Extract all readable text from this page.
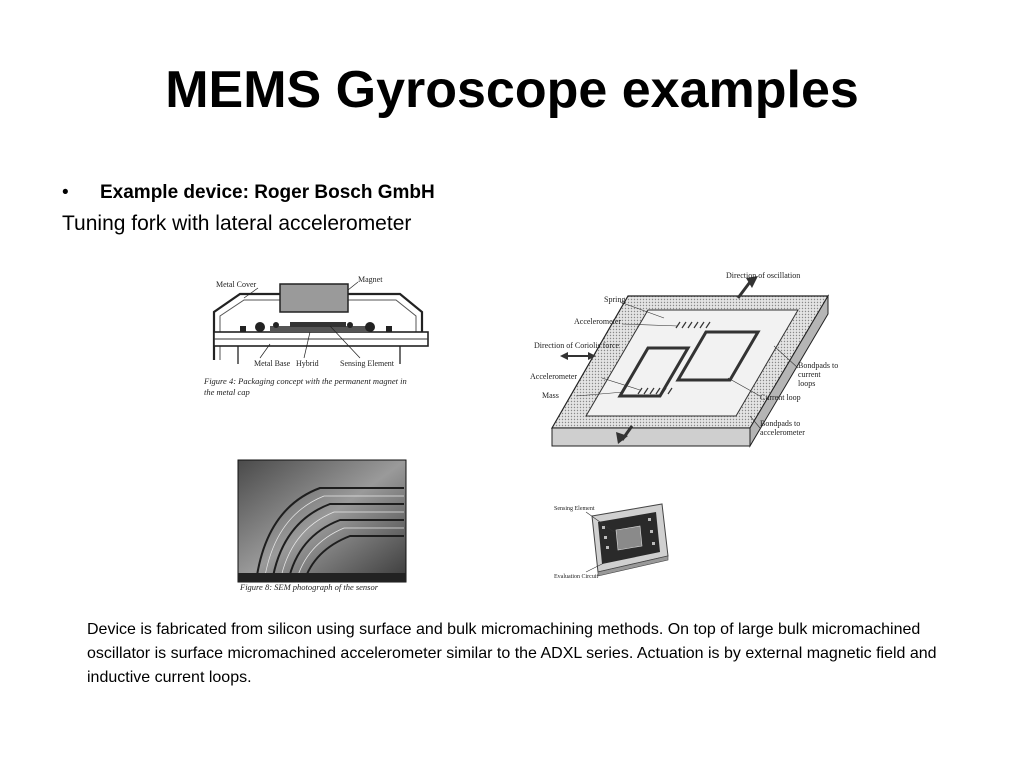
MEMS Gyroscope examples
• Example device: Roger Bosch GmbH
Tuning fork with lateral accelerometer
Metal Cover
Magnet
Metal Base Hybrid	Sensing Element
Figure 4: Packaging concept with the permanent magnet in
the metal cap
Direction of oscillation
Spring
Accelerometer
Direction of Coriolis force
Accelerometer
Mass	Current loop
Bondpads to
current
loops
Bondpads to
accelerometer
Figure 8: SEM photograph of the sensor
Sensing Element
Evaluation Circuit
Device is fabricated from silicon using surface and bulk micromachining methods. On top of large bulk micromachined oscillator is surface micromachined accelerometer similar to the ADXL series. Actuation is by external magnetic field and inductive current loops.
